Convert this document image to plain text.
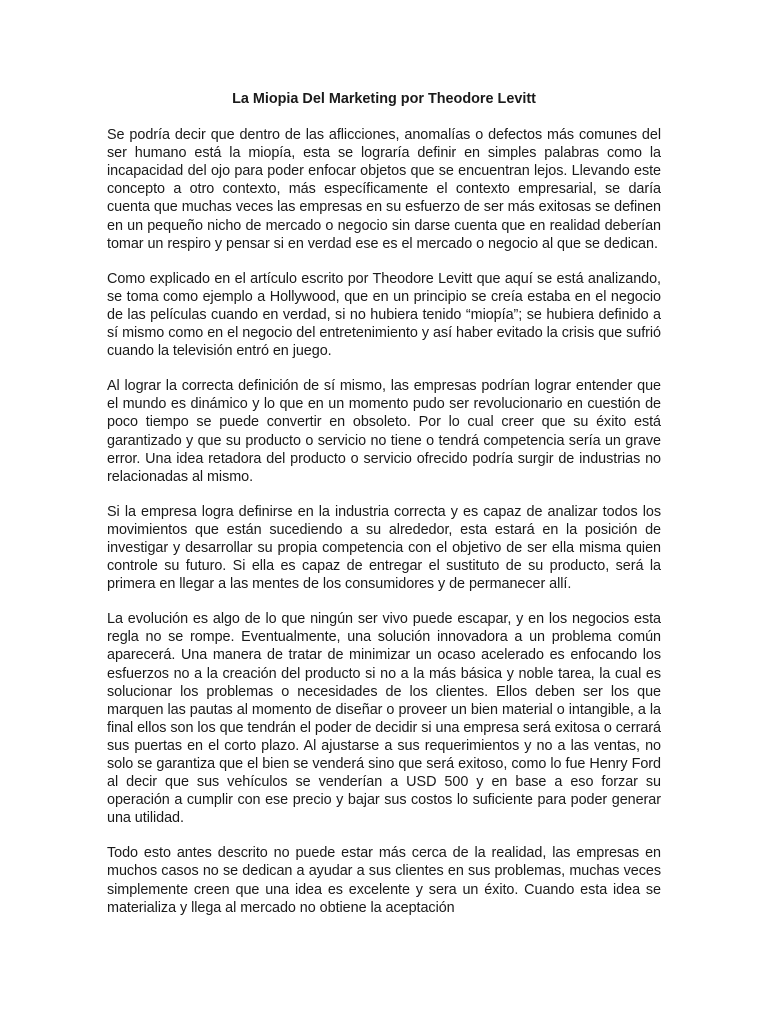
La Miopia Del Marketing por Theodore Levitt

Se podría decir que dentro de las aflicciones, anomalías o defectos más comunes del ser humano está la miopía, esta se lograría definir en simples palabras como la incapacidad del ojo para poder enfocar objetos que se encuentran lejos. Llevando este concepto a otro contexto, más específicamente el contexto empresarial, se daría cuenta que muchas veces las empresas en su esfuerzo de ser más exitosas se definen en un pequeño nicho de mercado o negocio sin darse cuenta que en realidad deberían tomar un respiro y pensar si en verdad ese es el mercado o negocio al que se dedican.

Como explicado en el artículo escrito por Theodore Levitt que aquí se está analizando, se toma como ejemplo a Hollywood, que en un principio se creía estaba en el negocio de las películas cuando en verdad, si no hubiera tenido “miopía”; se hubiera definido a sí mismo como en el negocio del entretenimiento y así haber evitado la crisis que sufrió cuando la televisión entró en juego.

Al lograr la correcta definición de sí mismo, las empresas podrían lograr entender que el mundo es dinámico y lo que en un momento pudo ser revolucionario en cuestión de poco tiempo se puede convertir en obsoleto. Por lo cual creer que su éxito está garantizado y que su producto o servicio no tiene o tendrá competencia sería un grave error. Una idea retadora del producto o servicio ofrecido podría surgir de industrias no relacionadas al mismo.

Si la empresa logra definirse en la industria correcta y es capaz de analizar todos los movimientos que están sucediendo a su alrededor, esta estará en la posición de investigar y desarrollar su propia competencia con el objetivo de ser ella misma quien controle su futuro. Si ella es capaz de entregar el sustituto de su producto, será la primera en llegar a las mentes de los consumidores y de permanecer allí.

La evolución es algo de lo que ningún ser vivo puede escapar, y en los negocios esta regla no se rompe. Eventualmente, una solución innovadora a un problema común aparecerá. Una manera de tratar de minimizar un ocaso acelerado es enfocando los esfuerzos no a la creación del producto si no a la más básica y noble tarea, la cual es solucionar los problemas o necesidades de los clientes. Ellos deben ser los que marquen las pautas al momento de diseñar o proveer un bien material o intangible, a la final ellos son los que tendrán el poder de decidir si una empresa será exitosa o cerrará sus puertas en el corto plazo. Al ajustarse a sus requerimientos y no a las ventas, no solo se garantiza que el bien se venderá sino que será exitoso, como lo fue Henry Ford al decir que sus vehículos se venderían a USD 500 y en base a eso forzar su operación a cumplir con ese precio y bajar sus costos lo suficiente para poder generar una utilidad.

Todo esto antes descrito no puede estar más cerca de la realidad, las empresas en muchos casos no se dedican a ayudar a sus clientes en sus problemas, muchas veces simplemente creen que una idea es excelente y sera un éxito. Cuando esta idea se materializa y llega al mercado no obtiene la aceptación
